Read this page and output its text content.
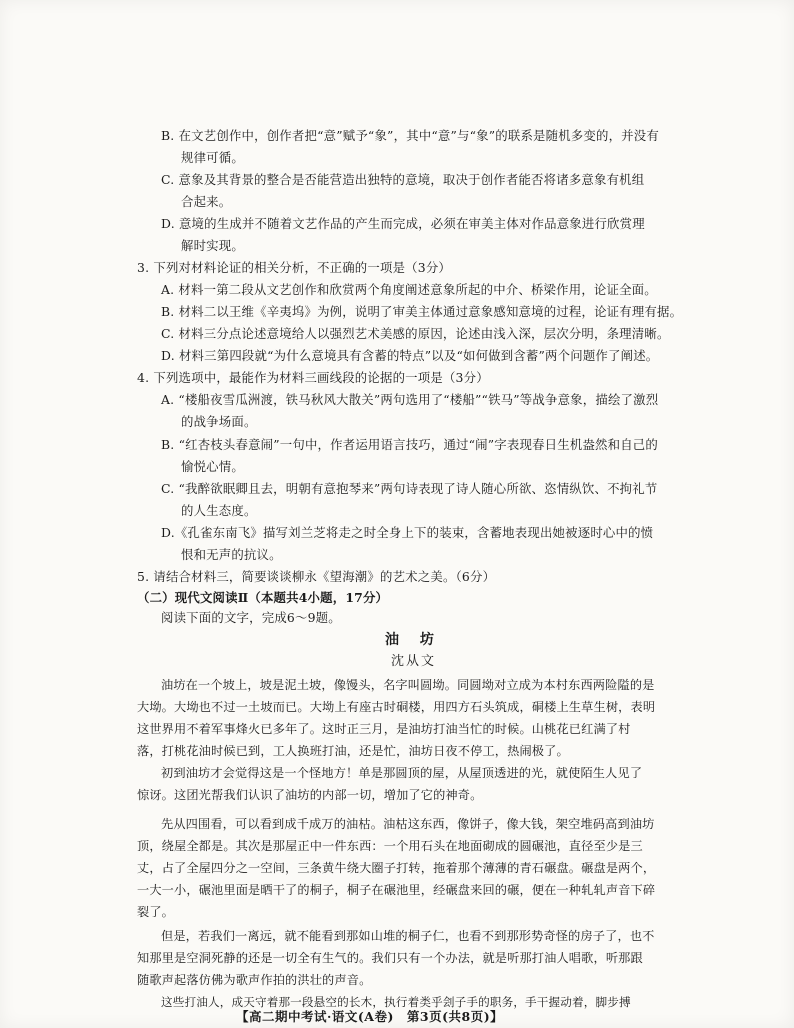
B. 在文艺创作中，创作者把“意”赋予“象”，其中“意”与“象”的联系是随机多变的，并没有
规律可循。
C. 意象及其背景的整合是否能营造出独特的意境，取决于创作者能否将诸多意象有机组
合起来。
D. 意境的生成并不随着文艺作品的产生而完成，必须在审美主体对作品意象进行欣赏理
解时实现。
3. 下列对材料论证的相关分析，不正确的一项是（3分）
A. 材料一第二段从文艺创作和欣赏两个角度阐述意象所起的中介、桥梁作用，论证全面。
B. 材料二以王维《辛夷坞》为例，说明了审美主体通过意象感知意境的过程，论证有理有据。
C. 材料三分点论述意境给人以强烈艺术美感的原因，论述由浅入深，层次分明，条理清晰。
D. 材料三第四段就“为什么意境具有含蓄的特点”以及“如何做到含蓄”两个问题作了阐述。
4. 下列选项中，最能作为材料三画线段的论据的一项是（3分）
A. “楼船夜雪瓜洲渡，铁马秋风大散关”两句选用了“楼船”“铁马”等战争意象，描绘了激烈
的战争场面。
B. “红杏枝头春意闹”一句中，作者运用语言技巧，通过“闹”字表现春日生机盎然和自己的
愉悦心情。
C. “我醉欲眠卿且去，明朝有意抱琴来”两句诗表现了诗人随心所欲、恣情纵饮、不拘礼节
的人生态度。
D.《孔雀东南飞》描写刘兰芝将走之时全身上下的装束，含蓄地表现出她被逐时心中的愤
恨和无声的抗议。
5. 请结合材料三，简要谈谈柳永《望海潮》的艺术之美。（6分）
（二）现代文阅读Ⅱ（本题共4小题，17分）
阅读下面的文字，完成6～9题。
油 坊
沈从文
油坊在一个坡上，坡是泥土坡，像馒头，名字叫圆坳。同圆坳对立成为本村东西两险隘的是
大坳。大坳也不过一土坡而已。大坳上有座古时硐楼，用四方石头筑成，硐楼上生草生树，表明
这世界用不着军事烽火已多年了。这时正三月，是油坊打油当忙的时候。山桃花已红满了村
落，打桃花油时候已到，工人换班打油，还是忙，油坊日夜不停工，热闹极了。
初到油坊才会觉得这是一个怪地方！单是那圆顶的屋，从屋顶透进的光，就使陌生人见了
惊讶。这团光帮我们认识了油坊的内部一切，增加了它的神奇。
先从四围看，可以看到成千成万的油枯。油枯这东西，像饼子，像大钱，架空堆码高到油坊
顶，绕屋全都是。其次是那屋正中一件东西：一个用石头在地面砌成的圆碾池，直径至少是三
丈，占了全屋四分之一空间，三条黄牛绕大圈子打转，拖着那个薄薄的青石碾盘。碾盘是两个，
一大一小，碾池里面是晒干了的桐子，桐子在碾池里，经碾盘来回的碾，便在一种轧轧声音下碎
裂了。
但是，若我们一离远，就不能看到那如山堆的桐子仁，也看不到那形势奇怪的房子了，也不
知那里是空洞死静的还是一切全有生气的。我们只有一个办法，就是听那打油人唱歌，听那跟
随歌声起落仿佛为歌声作拍的洪壮的声音。
这些打油人，成天守着那一段悬空的长木，执行着类乎刽子手的职务，手干握动着，脚步搏
【高二期中考试·语文(A卷)　第3页(共8页)】
